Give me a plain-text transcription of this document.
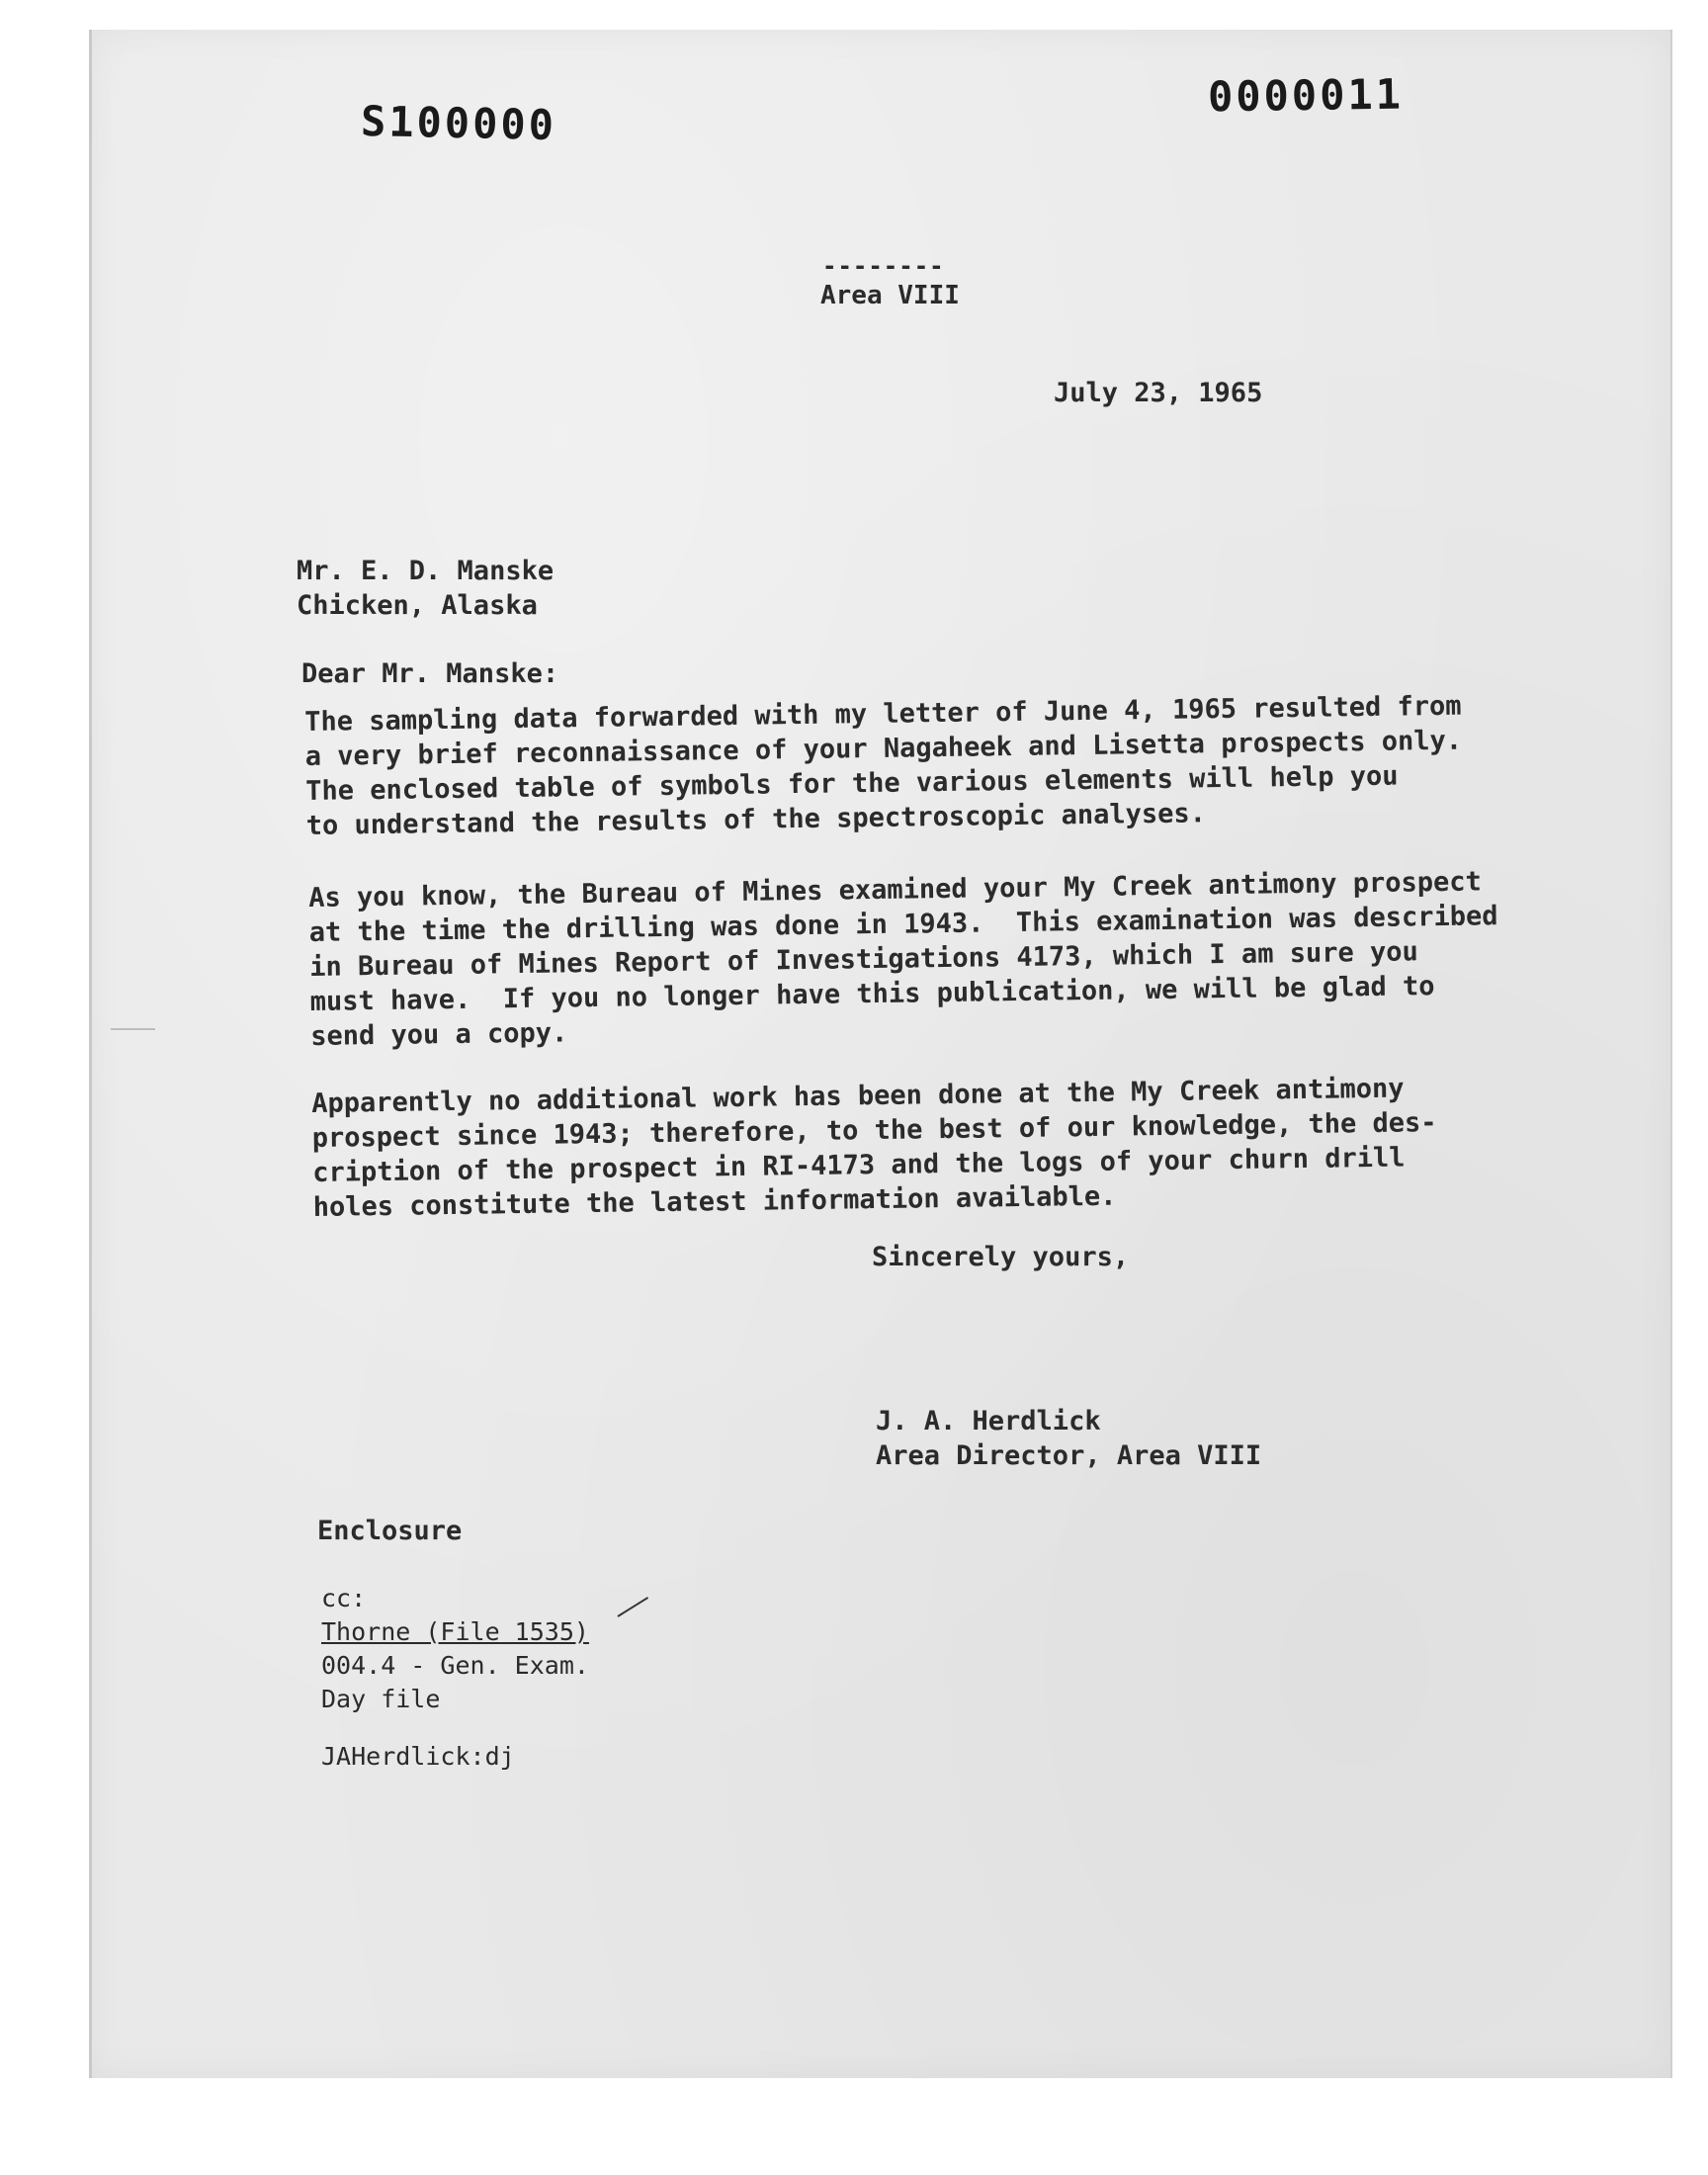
S100000
0000011
--------
Area VIII
July 23, 1965
Mr. E. D. Manske
Chicken, Alaska
Dear Mr. Manske:
The sampling data forwarded with my letter of June 4, 1965 resulted from
a very brief reconnaissance of your Nagaheek and Lisetta prospects only.
The enclosed table of symbols for the various elements will help you
to understand the results of the spectroscopic analyses.
As you know, the Bureau of Mines examined your My Creek antimony prospect
at the time the drilling was done in 1943.  This examination was described
in Bureau of Mines Report of Investigations 4173, which I am sure you
must have.  If you no longer have this publication, we will be glad to
send you a copy.
Apparently no additional work has been done at the My Creek antimony
prospect since 1943; therefore, to the best of our knowledge, the des-
cription of the prospect in RI-4173 and the logs of your churn drill
holes constitute the latest information available.
Sincerely yours,
J. A. Herdlick
Area Director, Area VIII
Enclosure
cc:
Thorne (File 1535)
004.4 - Gen. Exam.
Day file
JAHerdlick:dj
